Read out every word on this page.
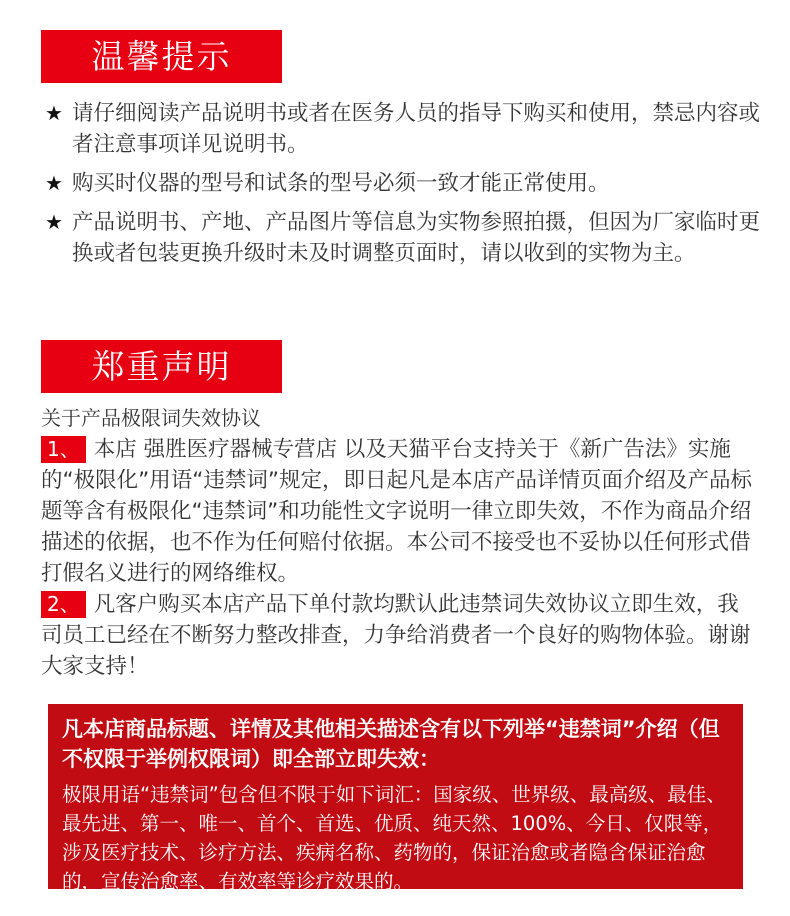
温馨提示
★ 请仔细阅读产品说明书或者在医务人员的指导下购买和使用，禁忌内容或者注意事项详见说明书。
★ 购买时仪器的型号和试条的型号必须一致才能正常使用。
★ 产品说明书、产地、产品图片等信息为实物参照拍摄，但因为厂家临时更换或者包装更换升级时未及时调整页面时，请以收到的实物为主。
郑重声明
关于产品极限词失效协议

1、 本店 强胜医疗器械专营店 以及天猫平台支持关于《新广告法》实施的“极限化”用语“违禁词”规定，即日起凡是本店产品详情页面介绍及产品标题等含有极限化“违禁词”和功能性文字说明一律立即失效，不作为商品介绍描述的依据，也不作为任何赔付依据。本公司不接受也不妥协以任何形式借打假名义进行的网络维权。

2、 凡客户购买本店产品下单付款均默认此违禁词失效协议立即生效，我司员工已经在不断努力整改排查，力争给消费者一个良好的购物体验。谢谢大家支持！

凡本店商品标题、详情及其他相关描述含有以下列举“违禁词”介绍（但不权限于举例权限词）即全部立即失效：

极限用语“违禁词”包含但不限于如下词汇：国家级、世界级、最高级、最佳、最先进、第一、唯一、首个、首选、优质、纯天然、100%、今日、仅限等，涉及医疗技术、诊疗方法、疾病名称、药物的，保证治愈或者隐含保证治愈的，宣传治愈率、有效率等诊疗效果的。
